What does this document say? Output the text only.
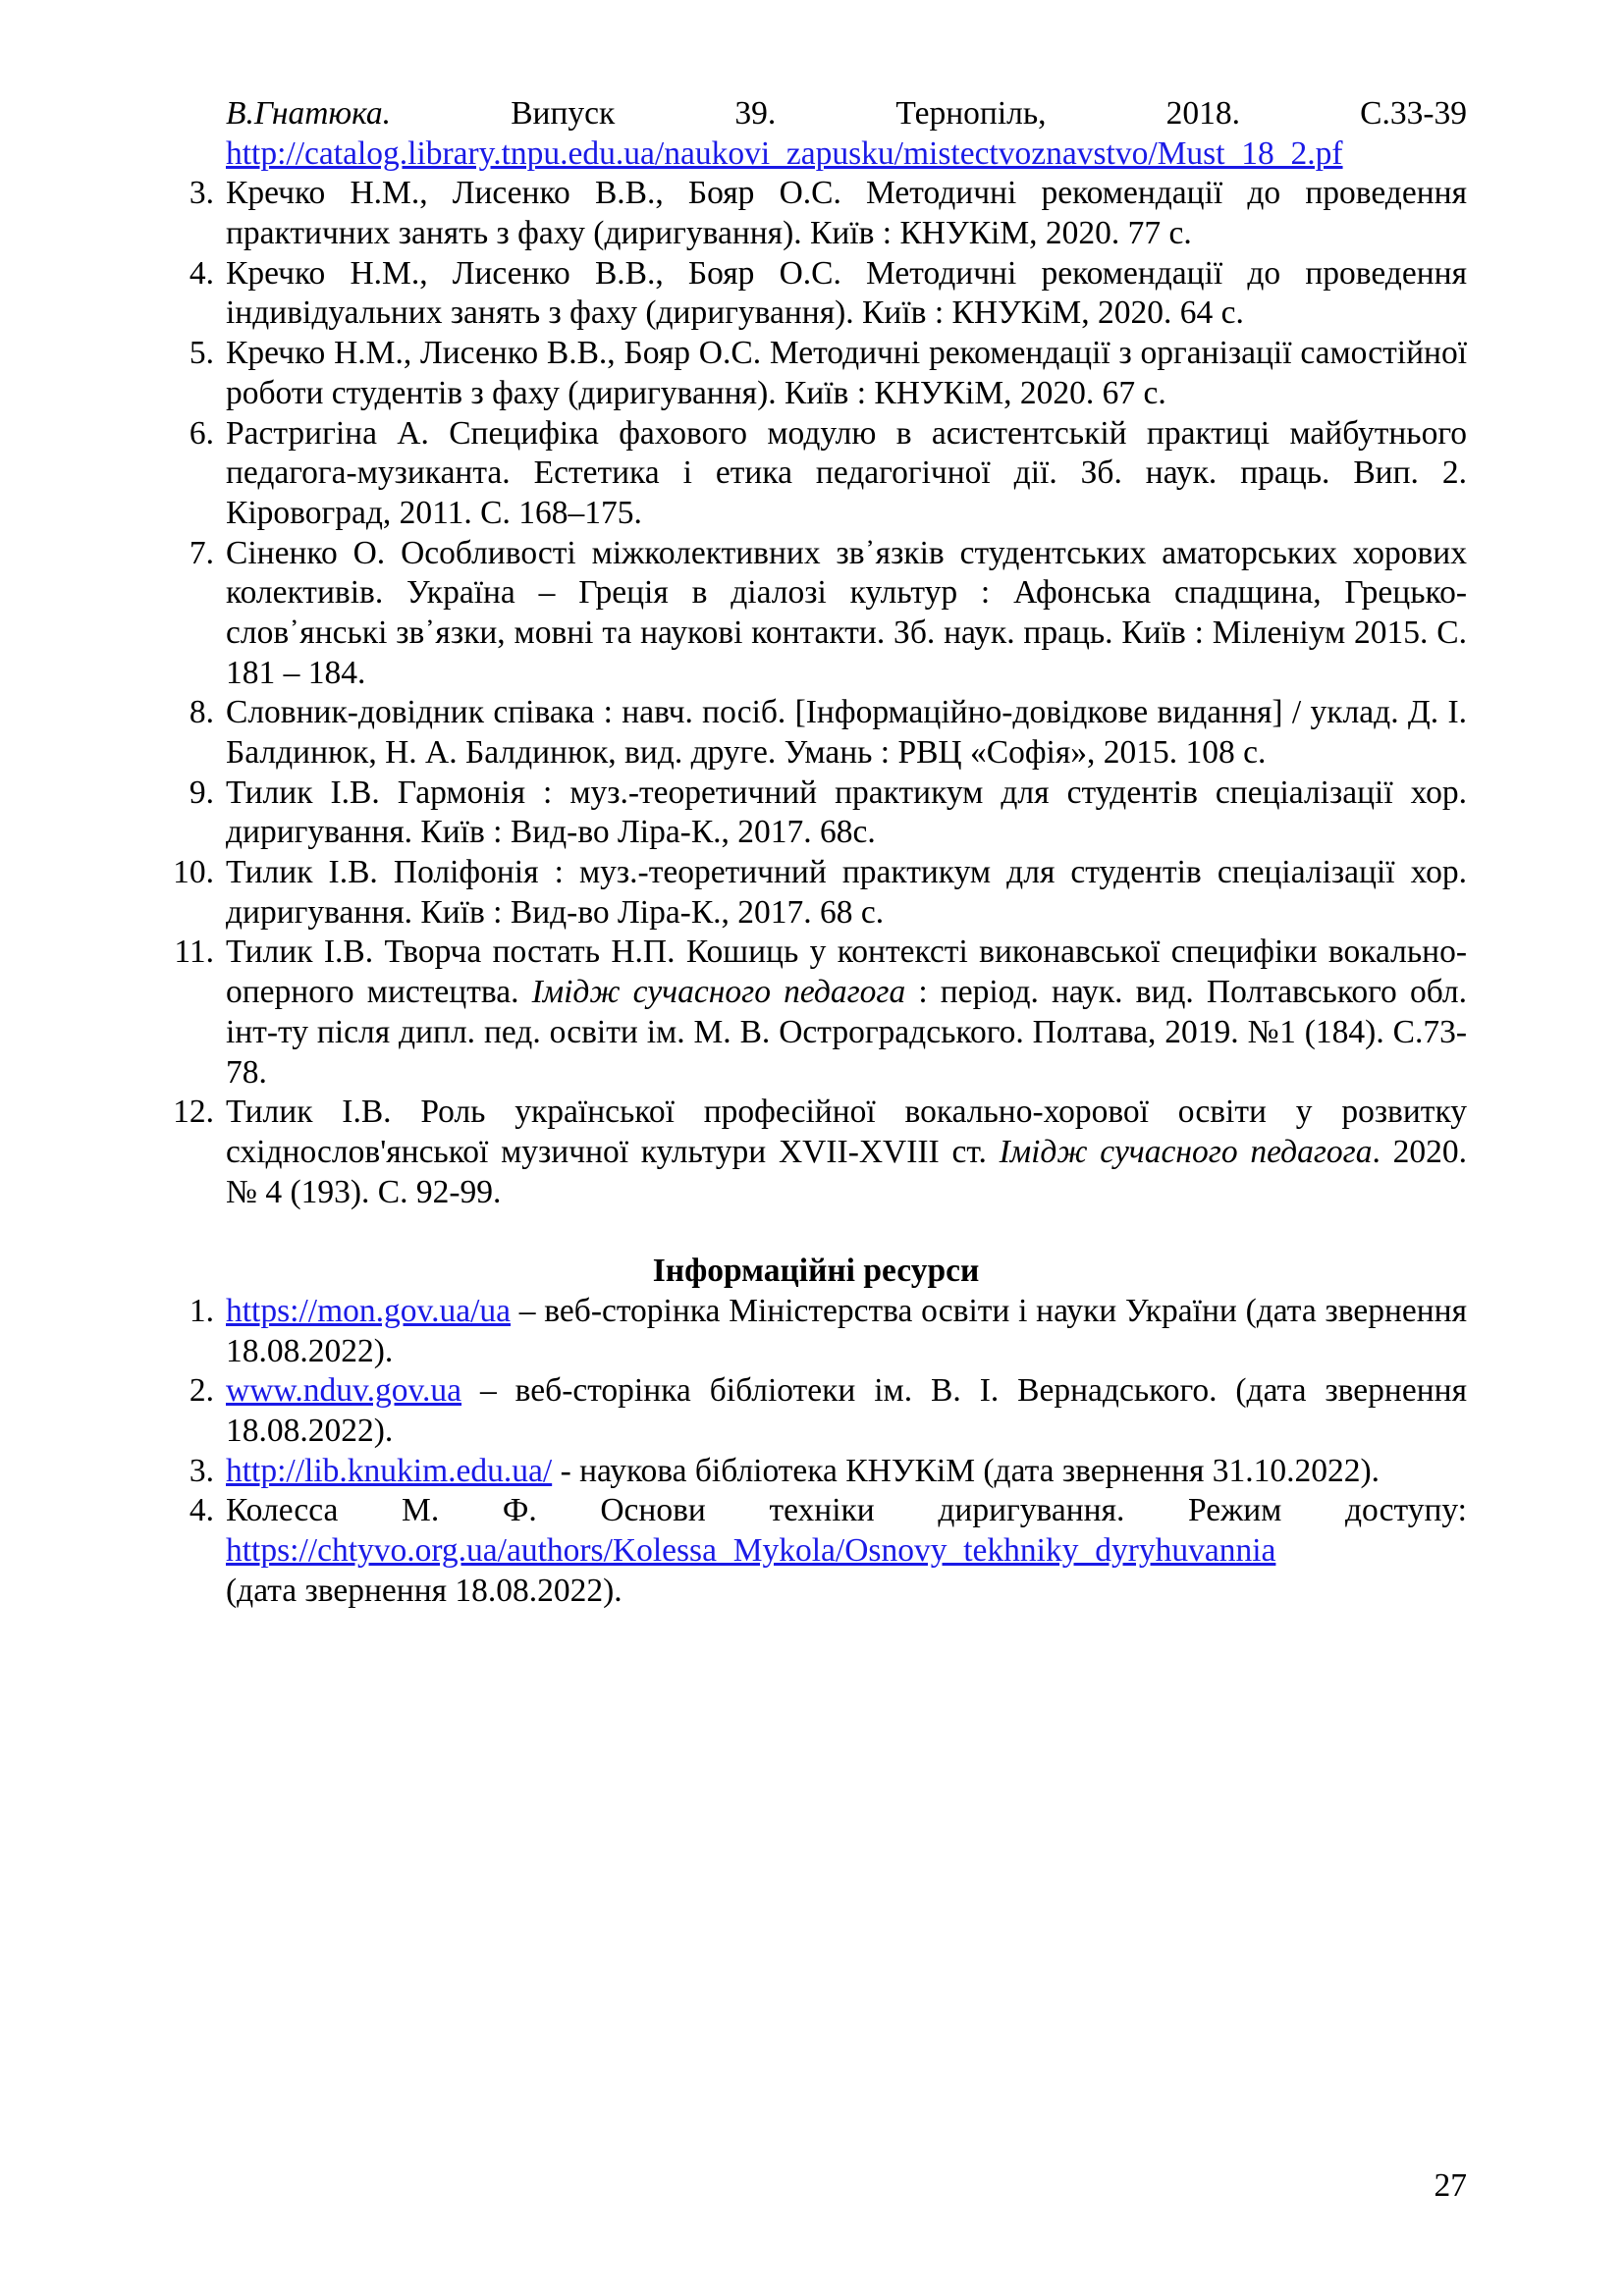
В.Гнатюка.	Випуск 39. Тернопіль, 2018. С.33-39
http://catalog.library.tnpu.edu.ua/naukovi_zapusku/mistectvoznavstvo/Must_18_2.pf
3. Кречко Н.М., Лисенко В.В., Бояр О.С. Методичні рекомендації до проведення практичних занять з фаху (диригування). Київ : КНУКіМ, 2020. 77 с.
4. Кречко Н.М., Лисенко В.В., Бояр О.С. Методичні рекомендації до проведення індивідуальних занять з фаху (диригування). Київ : КНУКіМ, 2020. 64 с.
5. Кречко Н.М., Лисенко В.В., Бояр О.С. Методичні рекомендації з організації самостійної роботи студентів з фаху (диригування). Київ : КНУКіМ, 2020. 67 с.
6. Растригіна А. Специфіка фахового модулю в асистентській практиці майбутнього педагога-музиканта. Естетика і етика педагогічної дії. Зб. наук. праць. Вип. 2. Кіровоград, 2011. С. 168–175.
7. Сіненко О. Особливості міжколективних зв᾽язків студентських аматорських хорових колективів. Україна – Греція в діалозі культур : Афонська спадщина, Грецько-слов᾽янські зв᾽язки, мовні та наукові контакти. Зб. наук. праць. Київ : Міленіум 2015. С. 181 – 184.
8. Словник-довідник співака : навч. посіб. [Інформаційно-довідкове видання] / уклад. Д. І. Балдинюк, Н. А. Балдинюк, вид. друге. Умань : РВЦ «Софія», 2015. 108 с.
9. Тилик І.В. Гармонія : муз.-теоретичний практикум для студентів спеціалізації хор. диригування. Київ : Вид-во Ліра-К., 2017. 68с.
10. Тилик І.В. Поліфонія : муз.-теоретичний практикум для студентів спеціалізації хор. диригування. Київ : Вид-во Ліра-К., 2017. 68 с.
11. Тилик І.В. Творча постать Н.П. Кошиць у контексті виконавської специфіки вокально-оперного мистецтва. Імідж сучасного педагога : період. наук. вид. Полтавського обл. інт-ту після дипл. пед. освіти ім. М. В. Остроградського. Полтава, 2019. №1 (184). С.73-78.
12. Тилик І.В. Роль української професійної вокально-хорової освіти у розвитку східнослов'янської музичної культури XVII-XVIII ст. Імідж сучасного педагога. 2020. № 4 (193). С. 92-99.
Інформаційні ресурси
1. https://mon.gov.ua/ua – веб-сторінка Міністерства освіти і науки України (дата звернення 18.08.2022).
2. www.nduv.gov.ua – веб-сторінка бібліотеки ім. В. І. Вернадського. (дата звернення 18.08.2022).
3. http://lib.knukim.edu.ua/ - наукова бібліотека КНУКіМ (дата звернення 31.10.2022).
4. Колесса М. Ф. Основи техніки диригування. Режим доступу:
https://chtyvo.org.ua/authors/Kolessa_Mykola/Osnovy_tekhniky_dyryhuvannia
(дата звернення 18.08.2022).
27
